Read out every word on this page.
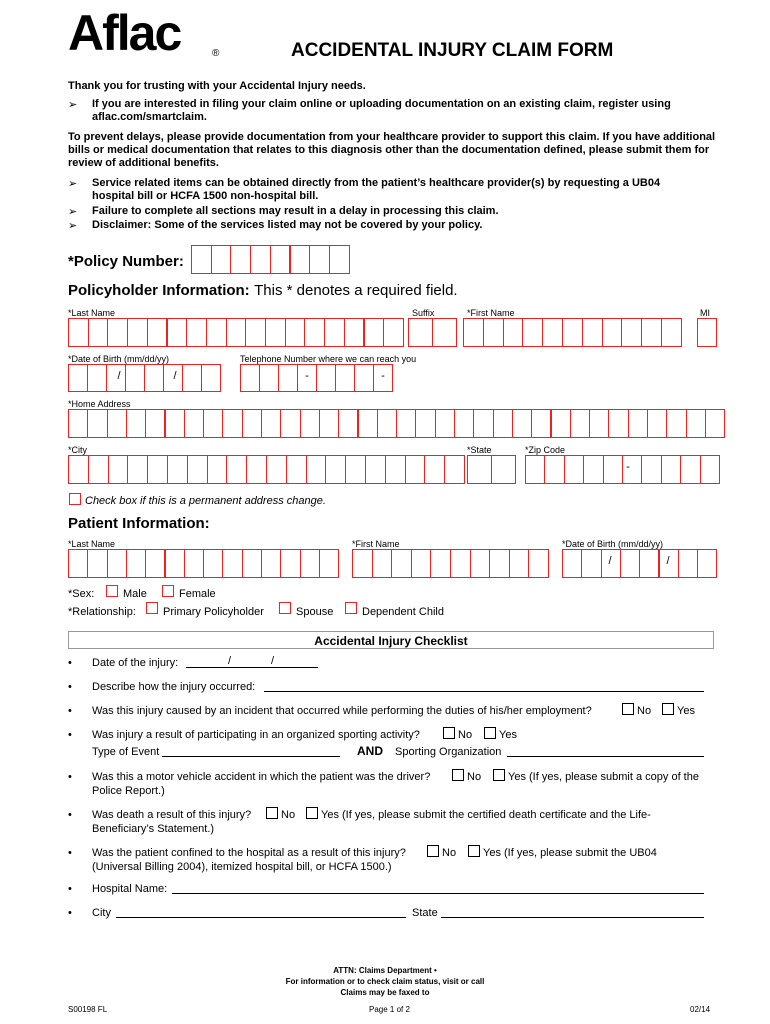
Aflac	®	ACCIDENTAL INJURY CLAIM FORM
Thank you for trusting with your Accidental Injury needs.
➢ If you are interested in filing your claim online or uploading documentation on an existing claim, register using aflac.com/smartclaim.
To prevent delays, please provide documentation from your healthcare provider to support this claim. If you have additional bills or medical documentation that relates to this diagnosis other than the documentation defined, please submit them for review of additional benefits.
➢ Service related items can be obtained directly from the patient’s healthcare provider(s) by requesting a UB04 hospital bill or HCFA 1500 non-hospital bill.
➢ Failure to complete all sections may result in a delay in processing this claim.
➢ Disclaimer: Some of the services listed may not be covered by your policy.
*Policy Number:
Policyholder Information: This * denotes a required field.
*Last Name	Suffix	*First Name	MI
*Date of Birth (mm/dd/yy)	Telephone Number where we can reach you
/	/	-	-
*Home Address
*City	*State	*Zip Code
-
Check box if this is a permanent address change.
Patient Information:
*Last Name	*First Name	*Date of Birth (mm/dd/yy)
/	/
*Sex:	Male	Female
*Relationship: Primary Policyholder	Spouse	Dependent Child
Accidental Injury Checklist
• Date of the injury:	/	/
• Describe how the injury occurred:
• Was this injury caused by an incident that occurred while performing the duties of his/her employment?	No Yes
• Was injury a result of participating in an organized sporting activity?	No Yes
Type of Event	AND Sporting Organization
• Was this a motor vehicle accident in which the patient was the driver?	No Yes (If yes, please submit a copy of the
Police Report.)
• Was death a result of this injury?	No Yes (If yes, please submit the certified death certificate and the Life-
Beneficiary’s Statement.)
• Was the patient confined to the hospital as a result of this injury?	No Yes (If yes, please submit the UB04
(Universal Billing 2004), itemized hospital bill, or HCFA 1500.)
• Hospital Name:
• City	State
ATTN: Claims Department •
For information or to check claim status, visit or call
Claims may be faxed to
S00198 FL	Page 1 of 2	02/14
